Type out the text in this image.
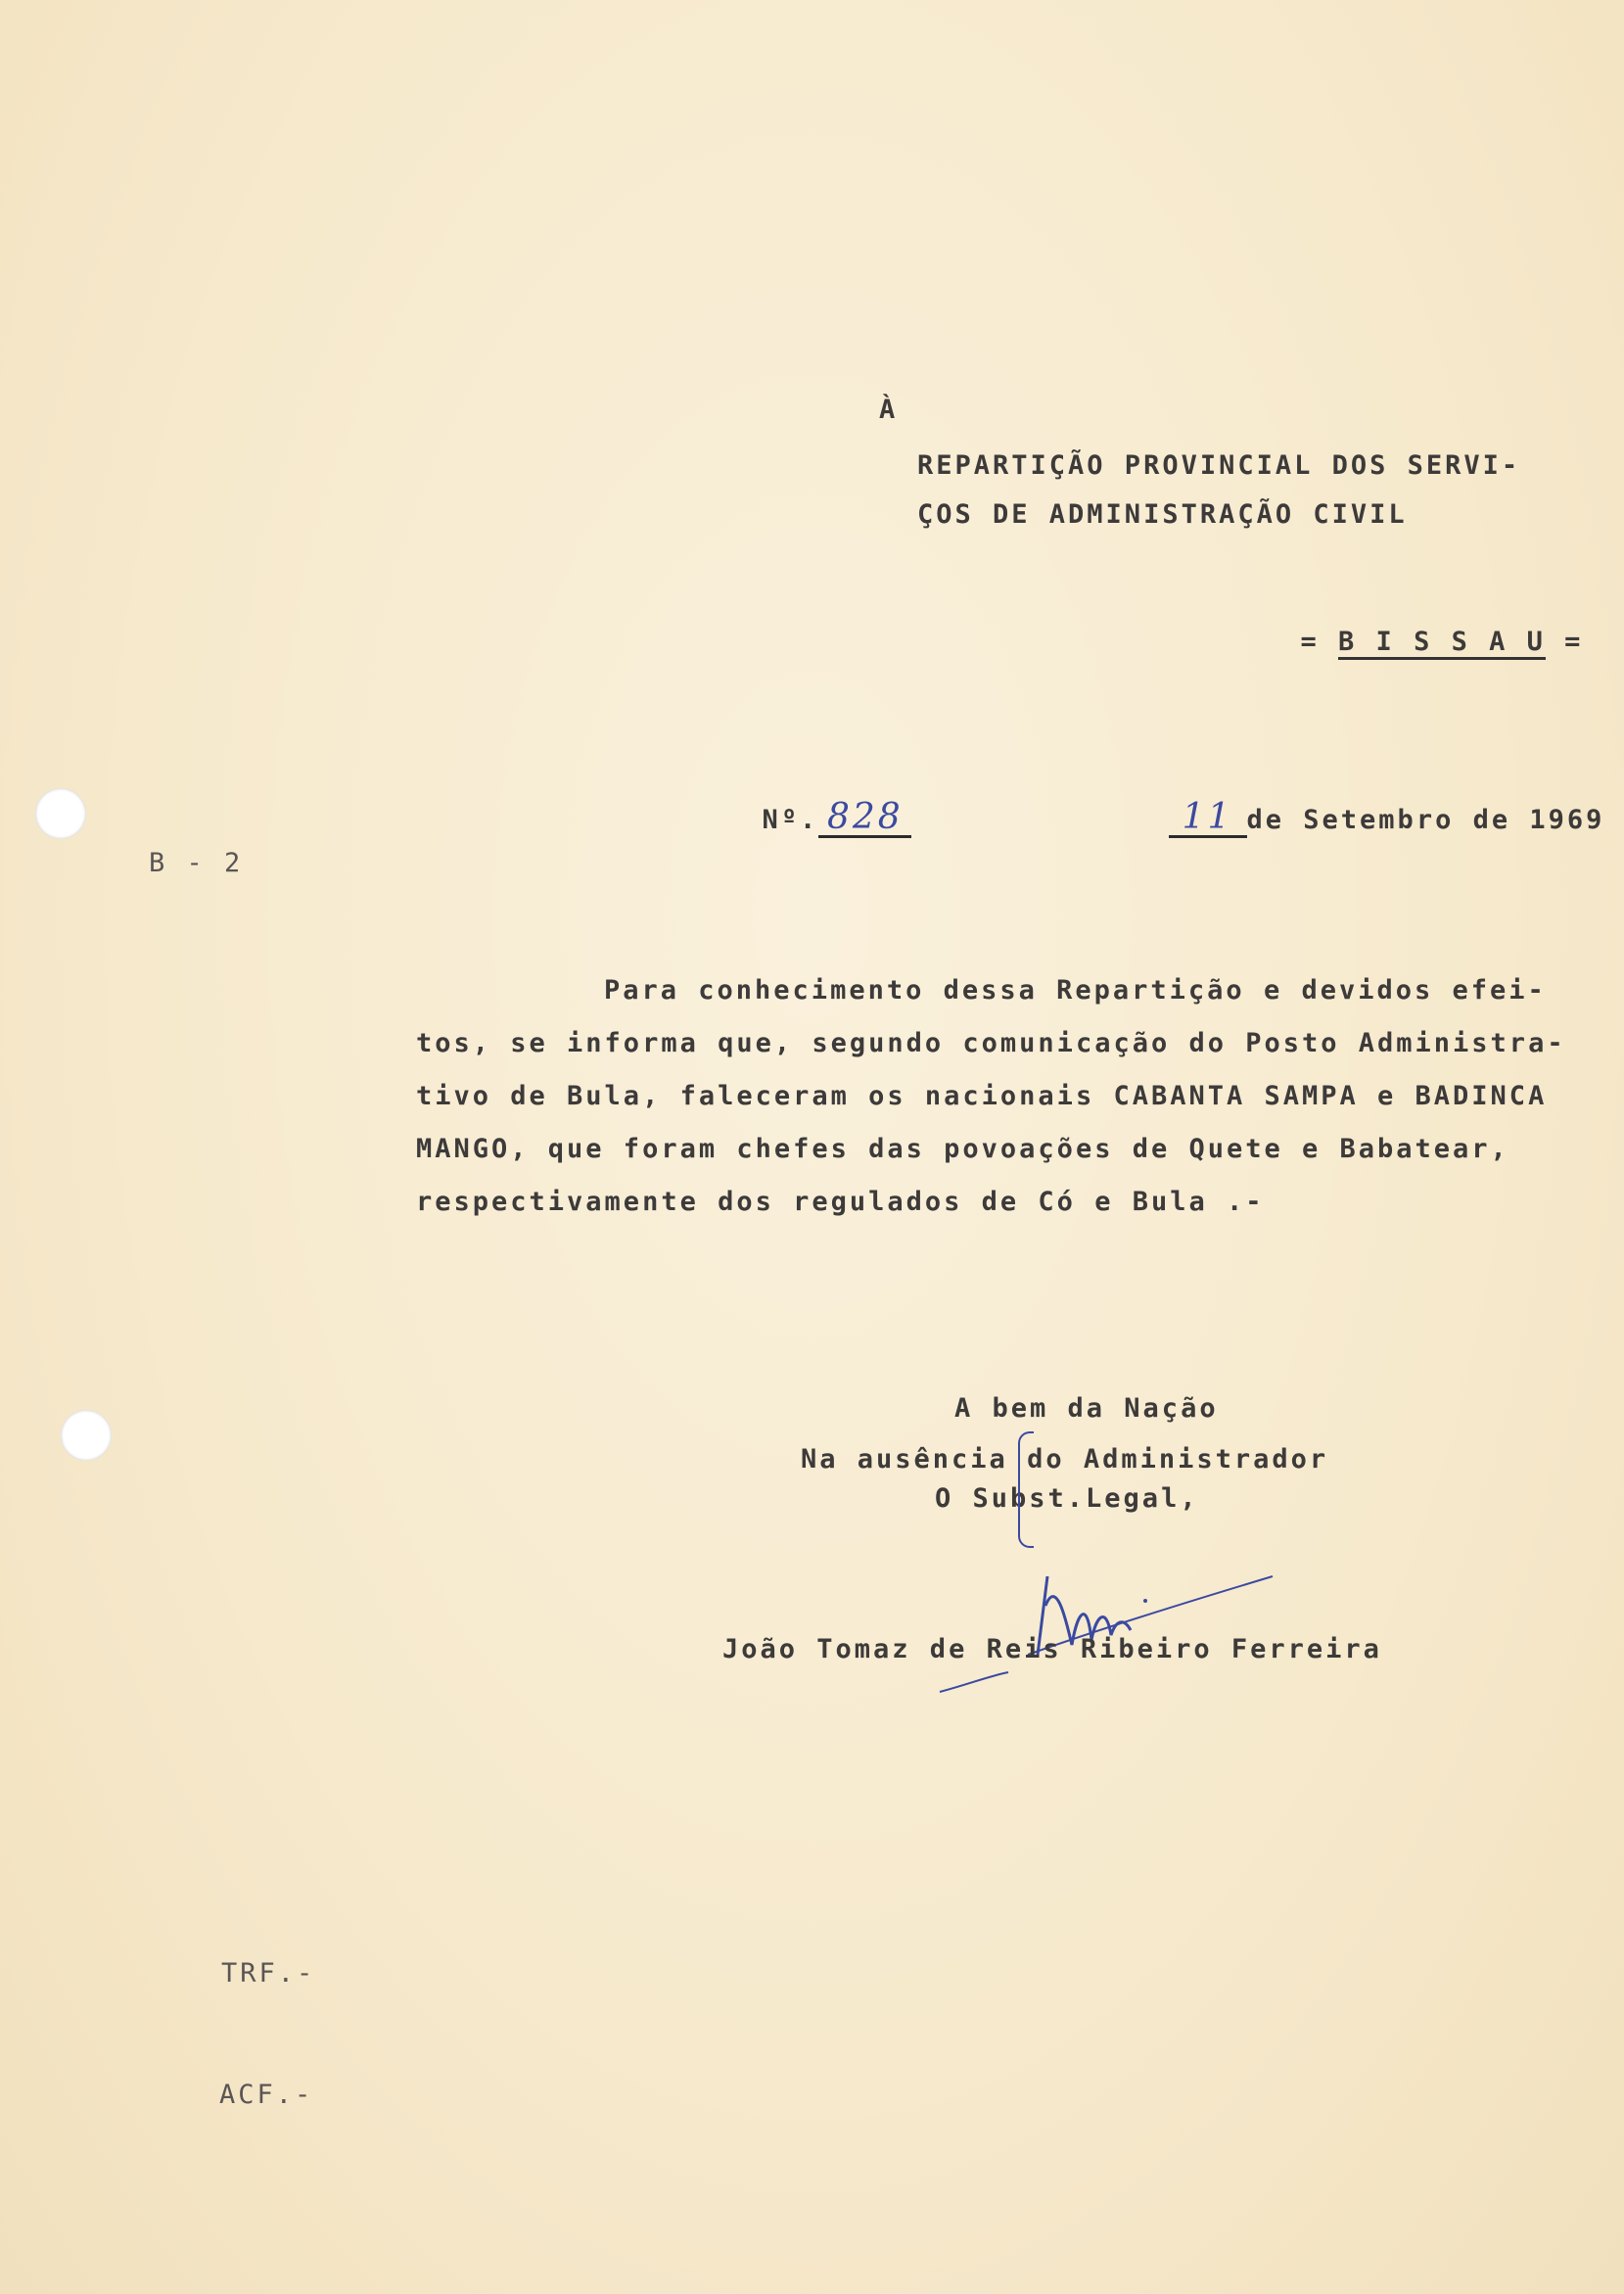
À
REPARTIÇÃO PROVINCIAL DOS SERVI-
ÇOS DE ADMINISTRAÇÃO CIVIL

= B I S S A U =

Nº. 828	11 de Setembro de 1969

B - 2
Para conhecimento dessa Repartição e devidos efei-
tos, se informa que, segundo comunicação do Posto Administra-
tivo de Bula, faleceram os nacionais CABANTA SAMPA e BADINCA
MANGO, que foram chefes das povoações de Quete e Babatear,
respectivamente dos regulados de Có e Bula .-
A bem da Nação
Na ausência do Administrador
O Subst.Legal,
João Tomaz de Reis Ribeiro Ferreira
TRF.-
ACF.-
